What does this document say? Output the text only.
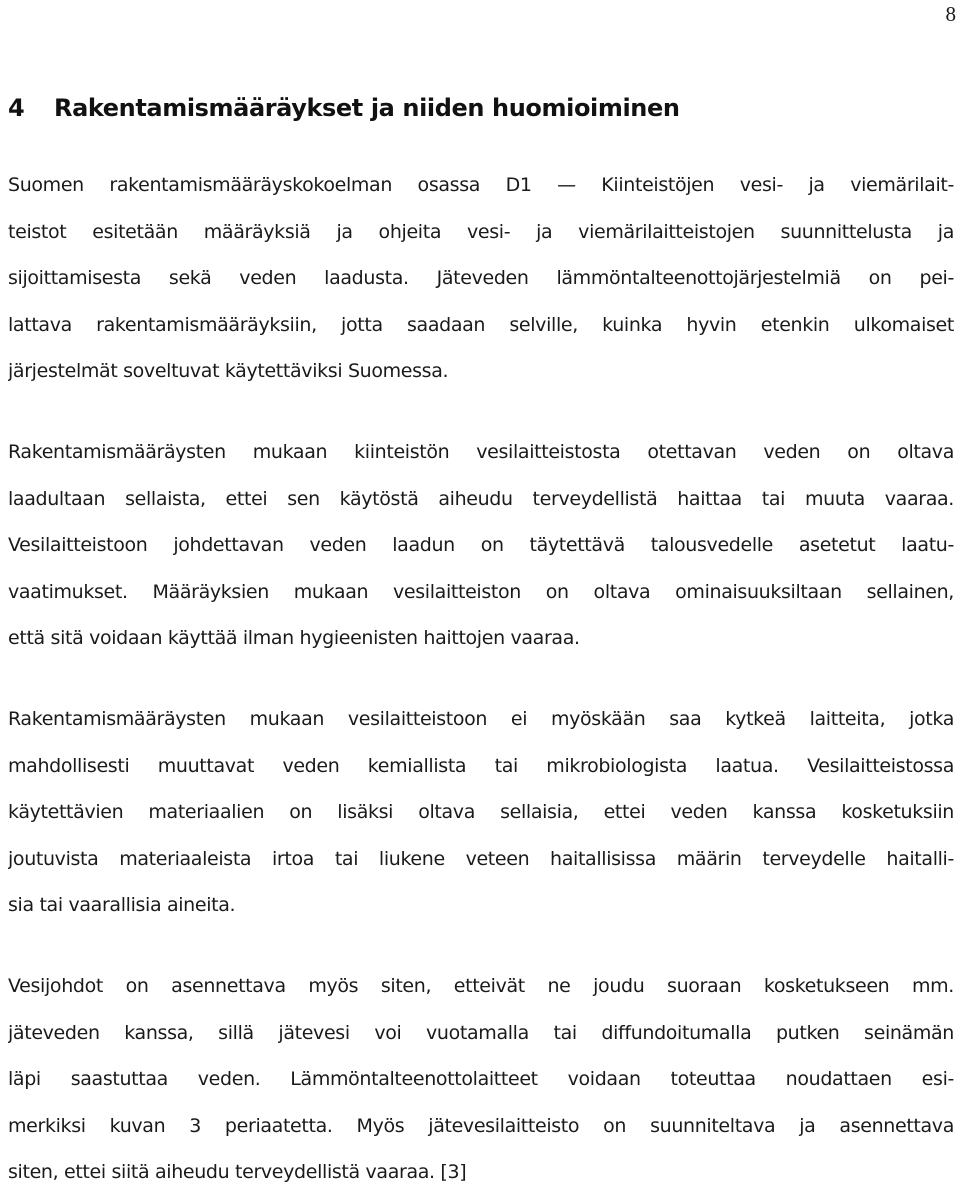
8
4 Rakentamismääräykset ja niiden huomioiminen
Suomen rakentamismääräyskokoelman osassa D1 — Kiinteistöjen vesi- ja viemärilait-
teistot esitetään määräyksiä ja ohjeita vesi- ja viemärilaitteistojen suunnittelusta ja
sijoittamisesta sekä veden laadusta. Jäteveden lämmöntalteenottojärjestelmiä on pei-
lattava rakentamismääräyksiin, jotta saadaan selville, kuinka hyvin etenkin ulkomaiset
järjestelmät soveltuvat käytettäviksi Suomessa.
Rakentamismääräysten mukaan kiinteistön vesilaitteistosta otettavan veden on oltava
laadultaan sellaista, ettei sen käytöstä aiheudu terveydellistä haittaa tai muuta vaaraa.
Vesilaitteistoon johdettavan veden laadun on täytettävä talousvedelle asetetut laatu-
vaatimukset. Määräyksien mukaan vesilaitteiston on oltava ominaisuuksiltaan sellainen,
että sitä voidaan käyttää ilman hygieenisten haittojen vaaraa.
Rakentamismääräysten mukaan vesilaitteistoon ei myöskään saa kytkeä laitteita, jotka
mahdollisesti muuttavat veden kemiallista tai mikrobiologista laatua. Vesilaitteistossa
käytettävien materiaalien on lisäksi oltava sellaisia, ettei veden kanssa kosketuksiin
joutuvista materiaaleista irtoa tai liukene veteen haitallisissa määrin terveydelle haitalli-
sia tai vaarallisia aineita.
Vesijohdot on asennettava myös siten, etteivät ne joudu suoraan kosketukseen mm.
jäteveden kanssa, sillä jätevesi voi vuotamalla tai diffundoitumalla putken seinämän
läpi saastuttaa veden. Lämmöntalteenottolaitteet voidaan toteuttaa noudattaen esi-
merkiksi kuvan 3 periaatetta. Myös jätevesilaitteisto on suunniteltava ja asennettava
siten, ettei siitä aiheudu terveydellistä vaaraa. [3]
